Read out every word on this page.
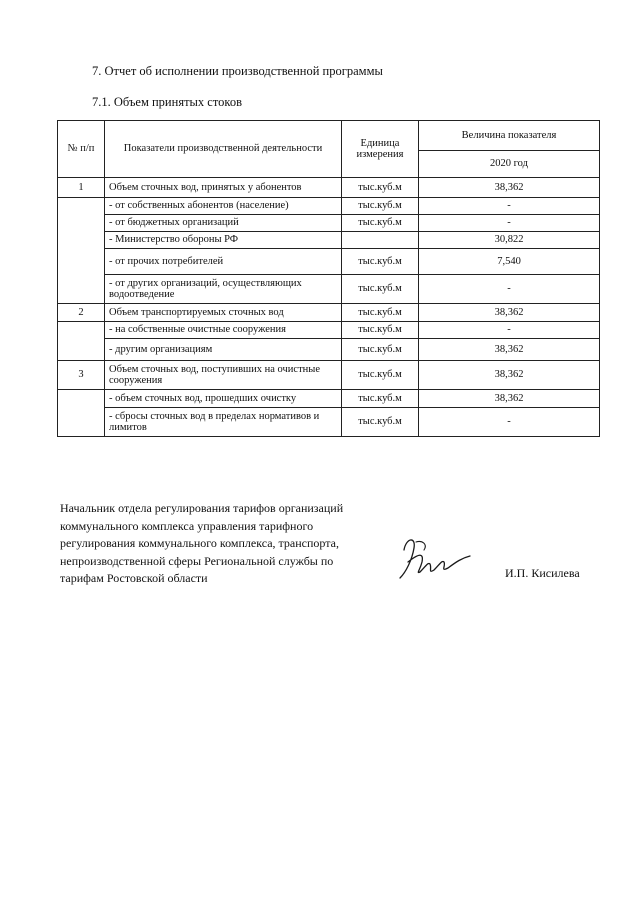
7. Отчет об исполнении производственной программы
7.1. Объем принятых стоков
№ п/п	Показатели производственной деятельности	Единица измерения	Величина показателя
			2020 год
1	Объем сточных вод, принятых у абонентов	тыс.куб.м	38,362
	- от собственных абонентов (население)	тыс.куб.м	-
	- от бюджетных организаций	тыс.куб.м	-
	- Министерство обороны РФ		30,822
	- от прочих потребителей	тыс.куб.м	7,540
	- от других организаций, осуществляющих водоотведение	тыс.куб.м	-
2	Объем транспортируемых сточных вод	тыс.куб.м	38,362
	- на собственные очистные сооружения	тыс.куб.м	-
	- другим организациям	тыс.куб.м	38,362
3	Объем сточных вод, поступивших на очистные сооружения	тыс.куб.м	38,362
	- объем сточных вод, прошедших очистку	тыс.куб.м	38,362
	- сбросы сточных вод в пределах нормативов и лимитов	тыс.куб.м	-
Начальник отдела регулирования тарифов организаций коммунального комплекса управления тарифного регулирования коммунального комплекса, транспорта, непроизводственной сферы Региональной службы по тарифам Ростовской области	И.П. Кисилева
